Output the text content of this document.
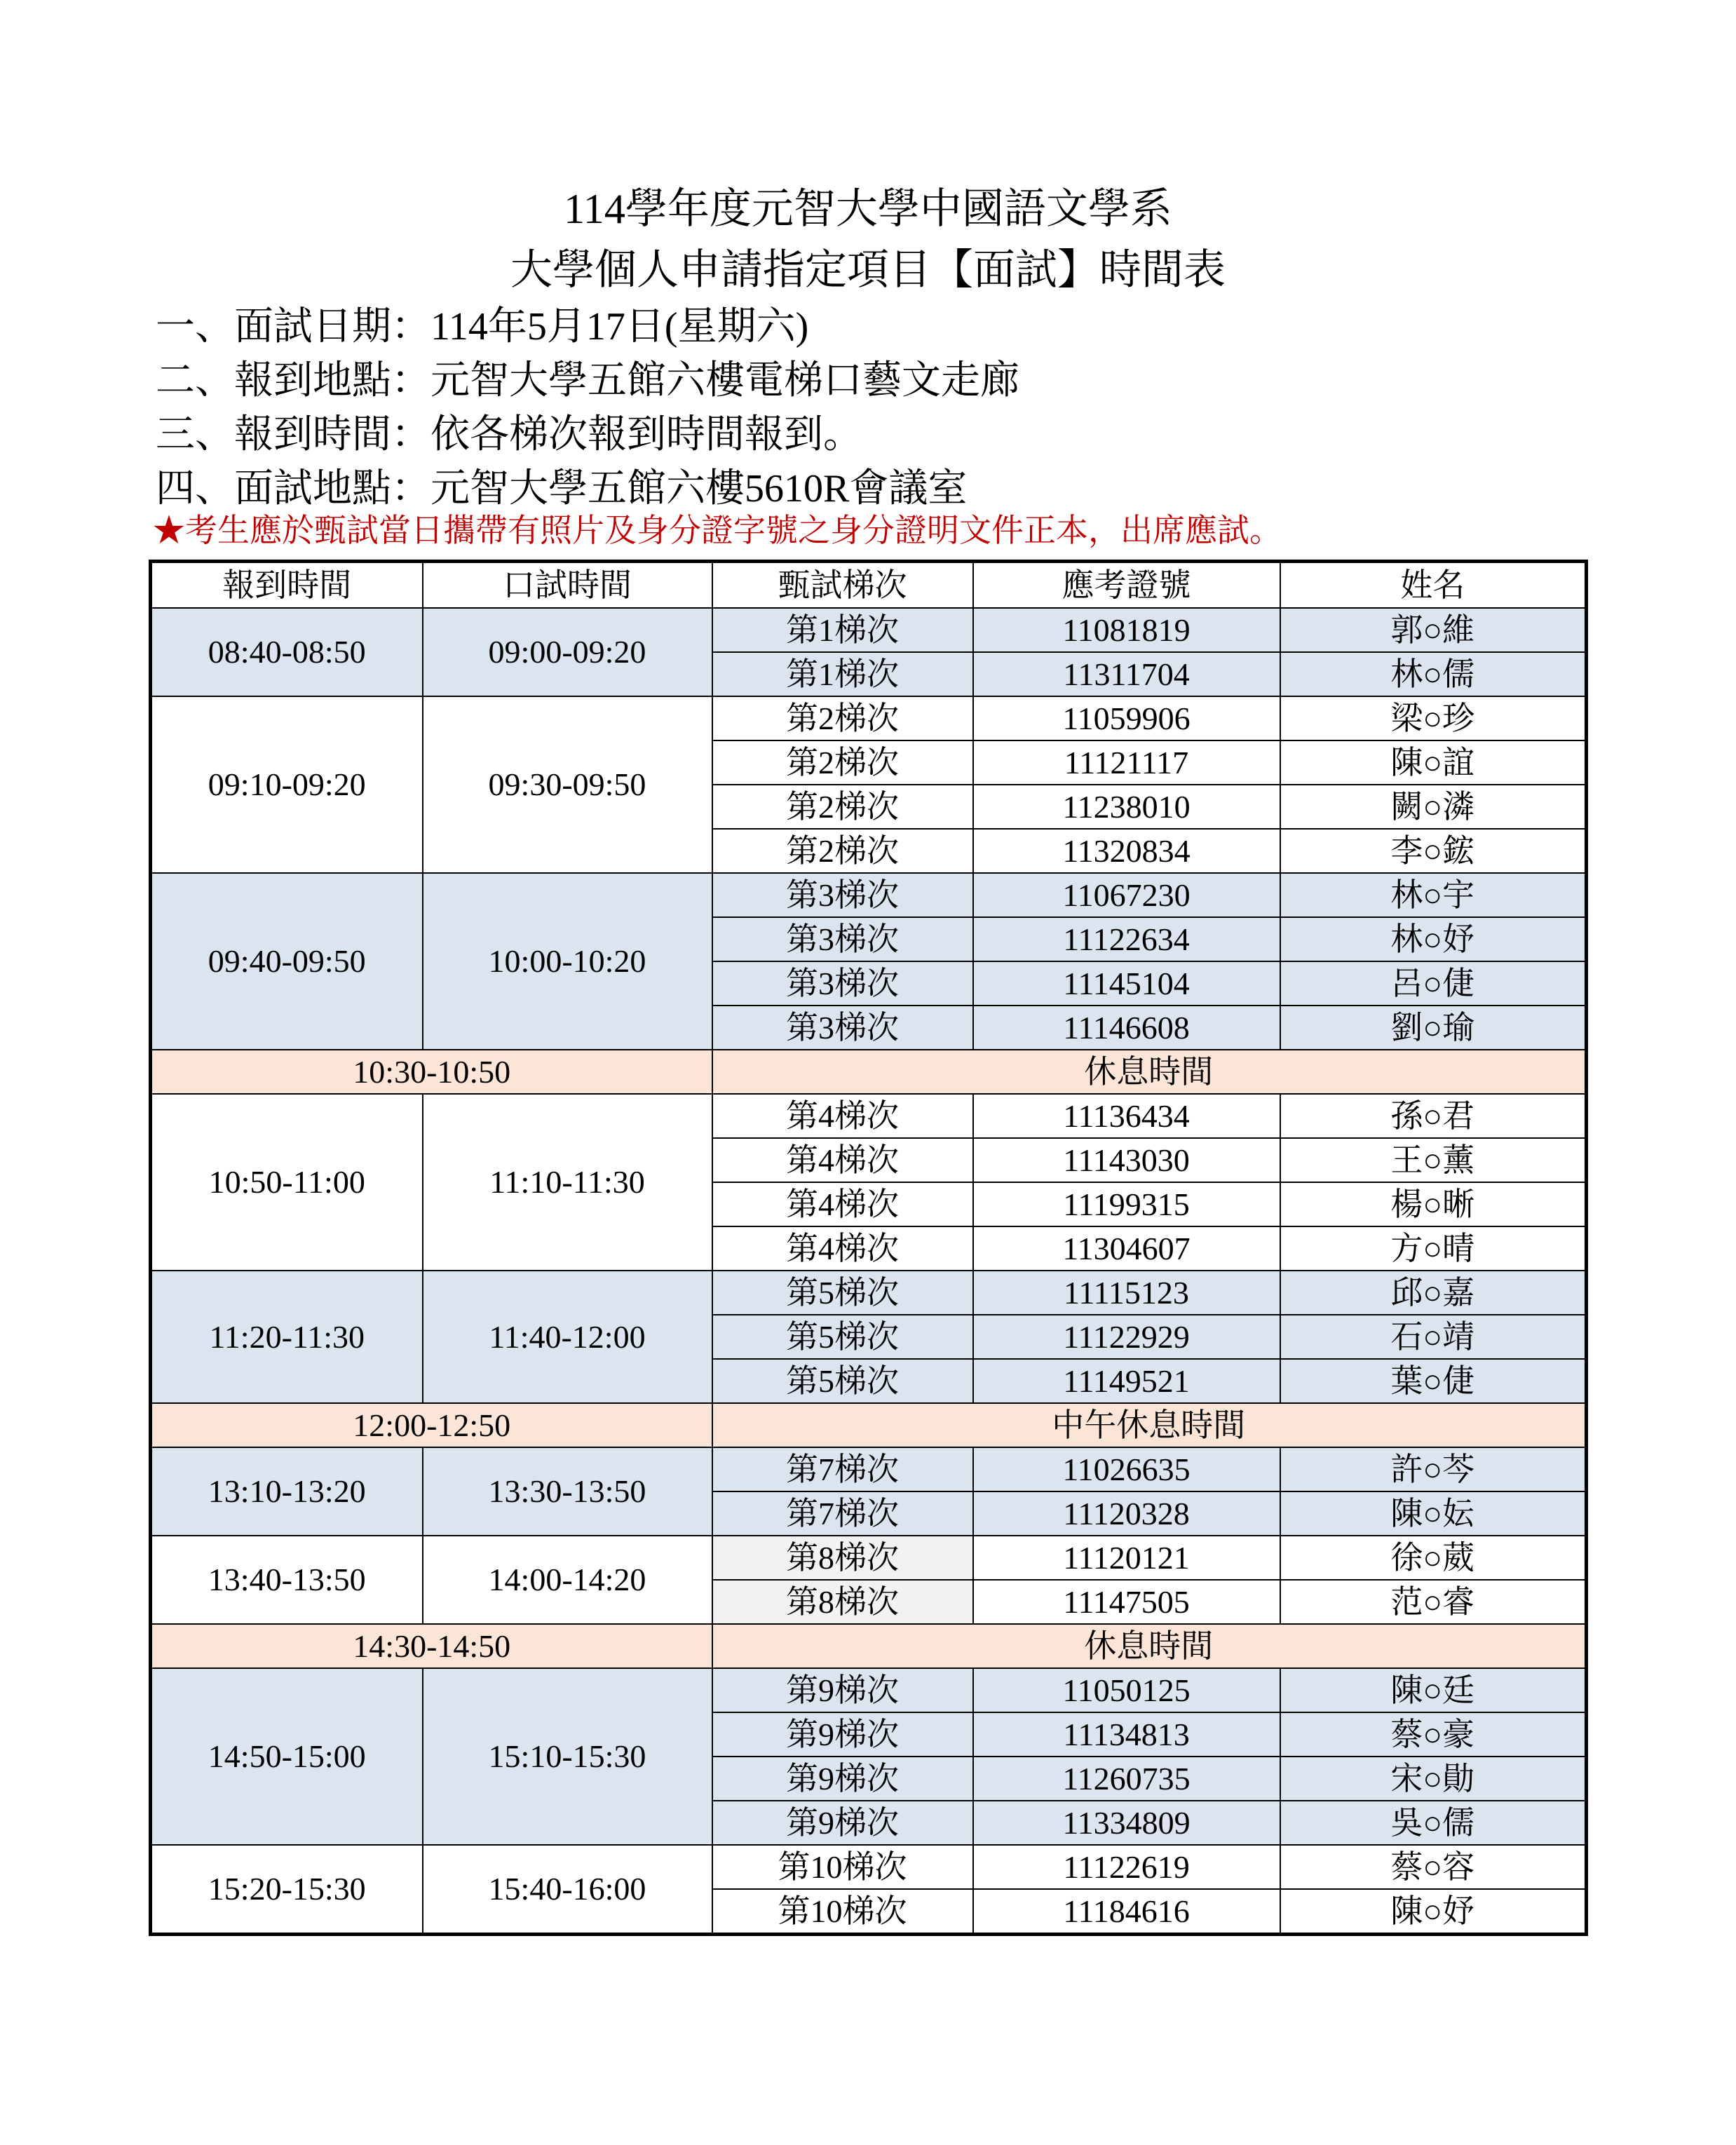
114學年度元智大學中國語文學系
大學個人申請指定項目【面試】時間表
一、面試日期：114年5月17日(星期六)
二、報到地點：元智大學五館六樓電梯口藝文走廊
三、報到時間：依各梯次報到時間報到。
四、面試地點：元智大學五館六樓5610R會議室
★考生應於甄試當日攜帶有照片及身分證字號之身分證明文件正本，出席應試。
報到時間	口試時間	甄試梯次	應考證號	姓名
08:40-08:50	09:00-09:20	第1梯次	11081819	郭○維
		第1梯次	11311704	林○儒
09:10-09:20	09:30-09:50	第2梯次	11059906	梁○珍
		第2梯次	11121117	陳○誼
		第2梯次	11238010	闕○潾
		第2梯次	11320834	李○鋐
09:40-09:50	10:00-10:20	第3梯次	11067230	林○宇
		第3梯次	11122634	林○妤
		第3梯次	11145104	呂○倢
		第3梯次	11146608	劉○瑜
10:30-10:50		休息時間		
10:50-11:00	11:10-11:30	第4梯次	11136434	孫○君
		第4梯次	11143030	王○薰
		第4梯次	11199315	楊○晰
		第4梯次	11304607	方○晴
11:20-11:30	11:40-12:00	第5梯次	11115123	邱○嘉
		第5梯次	11122929	石○靖
		第5梯次	11149521	葉○倢
12:00-12:50		中午休息時間		
13:10-13:20	13:30-13:50	第7梯次	11026635	許○芩
		第7梯次	11120328	陳○妘
13:40-13:50	14:00-14:20	第8梯次	11120121	徐○葳
		第8梯次	11147505	范○睿
14:30-14:50		休息時間		
14:50-15:00	15:10-15:30	第9梯次	11050125	陳○廷
		第9梯次	11134813	蔡○豪
		第9梯次	11260735	宋○勛
		第9梯次	11334809	吳○儒
15:20-15:30	15:40-16:00	第10梯次	11122619	蔡○容
		第10梯次	11184616	陳○妤
